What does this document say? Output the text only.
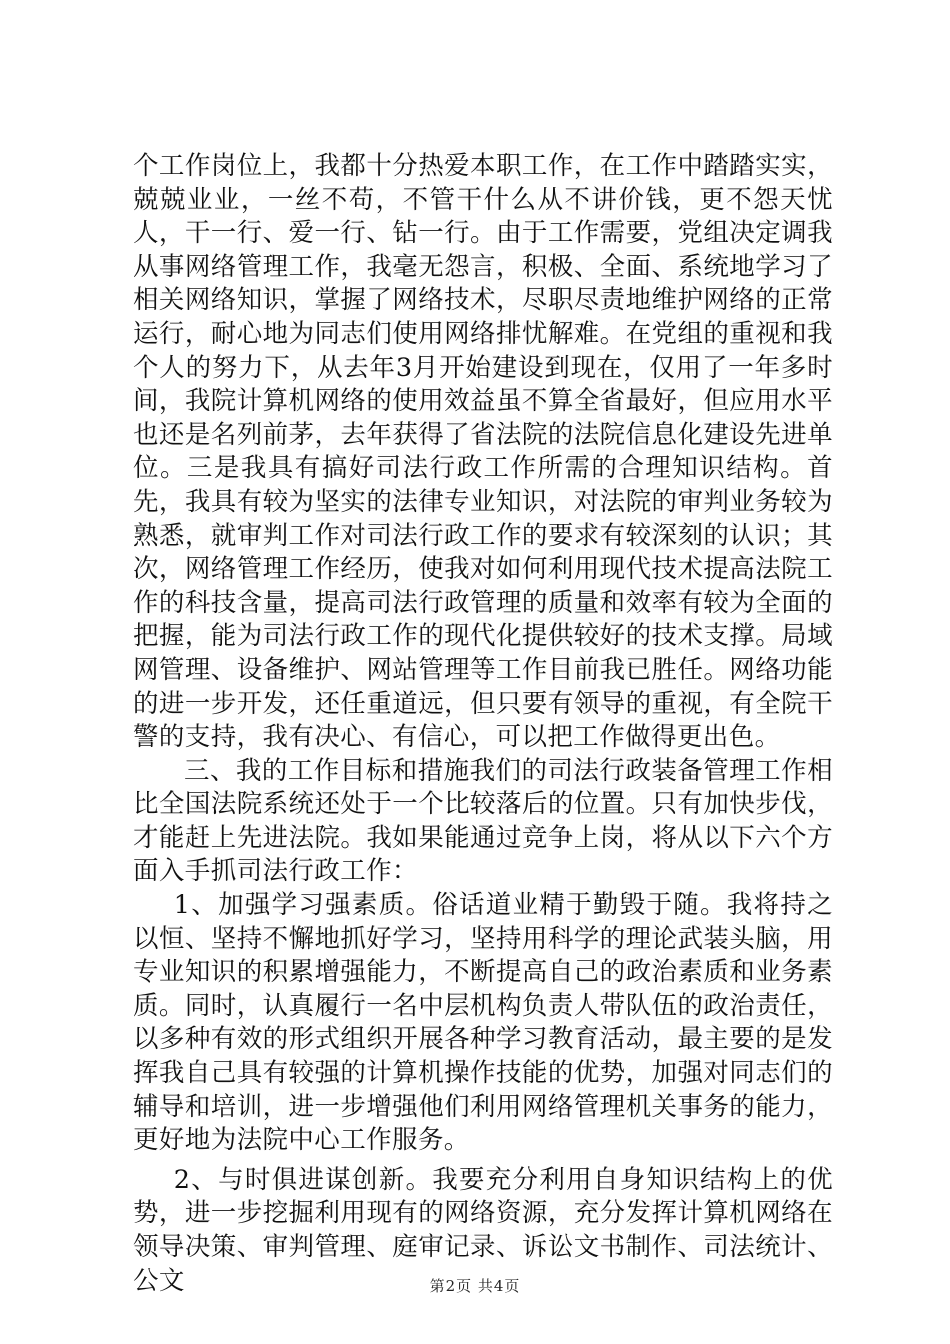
个工作岗位上，我都十分热爱本职工作，在工作中踏踏实实，兢兢业业，一丝不苟，不管干什么从不讲价钱，更不怨天忧人，干一行、爱一行、钻一行。由于工作需要，党组决定调我从事网络管理工作，我毫无怨言，积极、全面、系统地学习了相关网络知识，掌握了网络技术，尽职尽责地维护网络的正常运行，耐心地为同志们使用网络排忧解难。在党组的重视和我个人的努力下，从去年3月开始建设到现在，仅用了一年多时间，我院计算机网络的使用效益虽不算全省最好，但应用水平也还是名列前茅，去年获得了省法院的法院信息化建设先进单位。三是我具有搞好司法行政工作所需的合理知识结构。首先，我具有较为坚实的法律专业知识，对法院的审判业务较为熟悉，就审判工作对司法行政工作的要求有较深刻的认识；其次，网络管理工作经历，使我对如何利用现代技术提高法院工作的科技含量，提高司法行政管理的质量和效率有较为全面的把握，能为司法行政工作的现代化提供较好的技术支撑。局域网管理、设备维护、网站管理等工作目前我已胜任。网络功能的进一步开发，还任重道远，但只要有领导的重视，有全院干警的支持，我有决心、有信心，可以把工作做得更出色。

三、我的工作目标和措施我们的司法行政装备管理工作相比全国法院系统还处于一个比较落后的位置。只有加快步伐，才能赶上先进法院。我如果能通过竞争上岗，将从以下六个方面入手抓司法行政工作：

1、加强学习强素质。俗话道业精于勤毁于随。我将持之以恒、坚持不懈地抓好学习，坚持用科学的理论武装头脑，用专业知识的积累增强能力，不断提高自己的政治素质和业务素质。同时，认真履行一名中层机构负责人带队伍的政治责任，以多种有效的形式组织开展各种学习教育活动，最主要的是发挥我自己具有较强的计算机操作技能的优势，加强对同志们的辅导和培训，进一步增强他们利用网络管理机关事务的能力，更好地为法院中心工作服务。

2、与时俱进谋创新。我要充分利用自身知识结构上的优势，进一步挖掘利用现有的网络资源，充分发挥计算机网络在领导决策、审判管理、庭审记录、诉讼文书制作、司法统计、公文	第2页 共4页
